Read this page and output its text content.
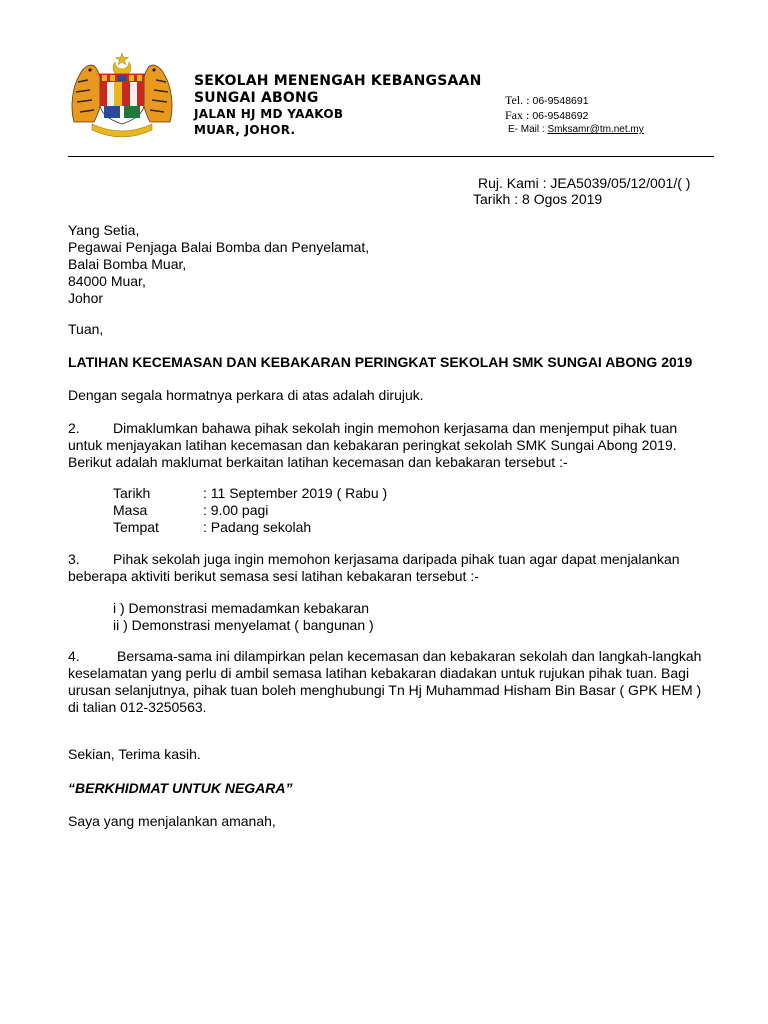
SEKOLAH MENENGAH KEBANGSAAN
SUNGAI ABONG
JALAN HJ MD YAAKOB
MUAR, JOHOR.
Tel. : 06-9548691
Fax : 06-9548692
E- Mail : Smksamr@tm.net.my
Ruj. Kami : JEA5039/05/12/001/( )
Tarikh : 8 Ogos 2019
Yang Setia,
Pegawai Penjaga Balai Bomba dan Penyelamat,
Balai Bomba Muar,
84000 Muar,
Johor
Tuan,
LATIHAN KECEMASAN DAN KEBAKARAN PERINGKAT SEKOLAH SMK SUNGAI ABONG 2019
Dengan segala hormatnya perkara di atas adalah dirujuk.
2. Dimaklumkan bahawa pihak sekolah ingin memohon kerjasama dan menjemput pihak tuan untuk menjayakan latihan kecemasan dan kebakaran peringkat sekolah SMK Sungai Abong 2019.
Berikut adalah maklumat berkaitan latihan kecemasan dan kebakaran tersebut :-
Tarikh	: 11 September 2019 ( Rabu )
Masa	: 9.00 pagi
Tempat	: Padang sekolah
3. Pihak sekolah juga ingin memohon kerjasama daripada pihak tuan agar dapat menjalankan beberapa aktiviti berikut semasa sesi latihan kebakaran tersebut :-
i ) Demonstrasi memadamkan kebakaran
ii ) Demonstrasi menyelamat ( bangunan )
4.	Bersama-sama ini dilampirkan pelan kecemasan dan kebakaran sekolah dan langkah-langkah keselamatan yang perlu di ambil semasa latihan kebakaran diadakan untuk rujukan pihak tuan. Bagi urusan selanjutnya, pihak tuan boleh menghubungi Tn Hj Muhammad Hisham Bin Basar ( GPK HEM ) di talian 012-3250563.
Sekian, Terima kasih.
“BERKHIDMAT UNTUK NEGARA”
Saya yang menjalankan amanah,
